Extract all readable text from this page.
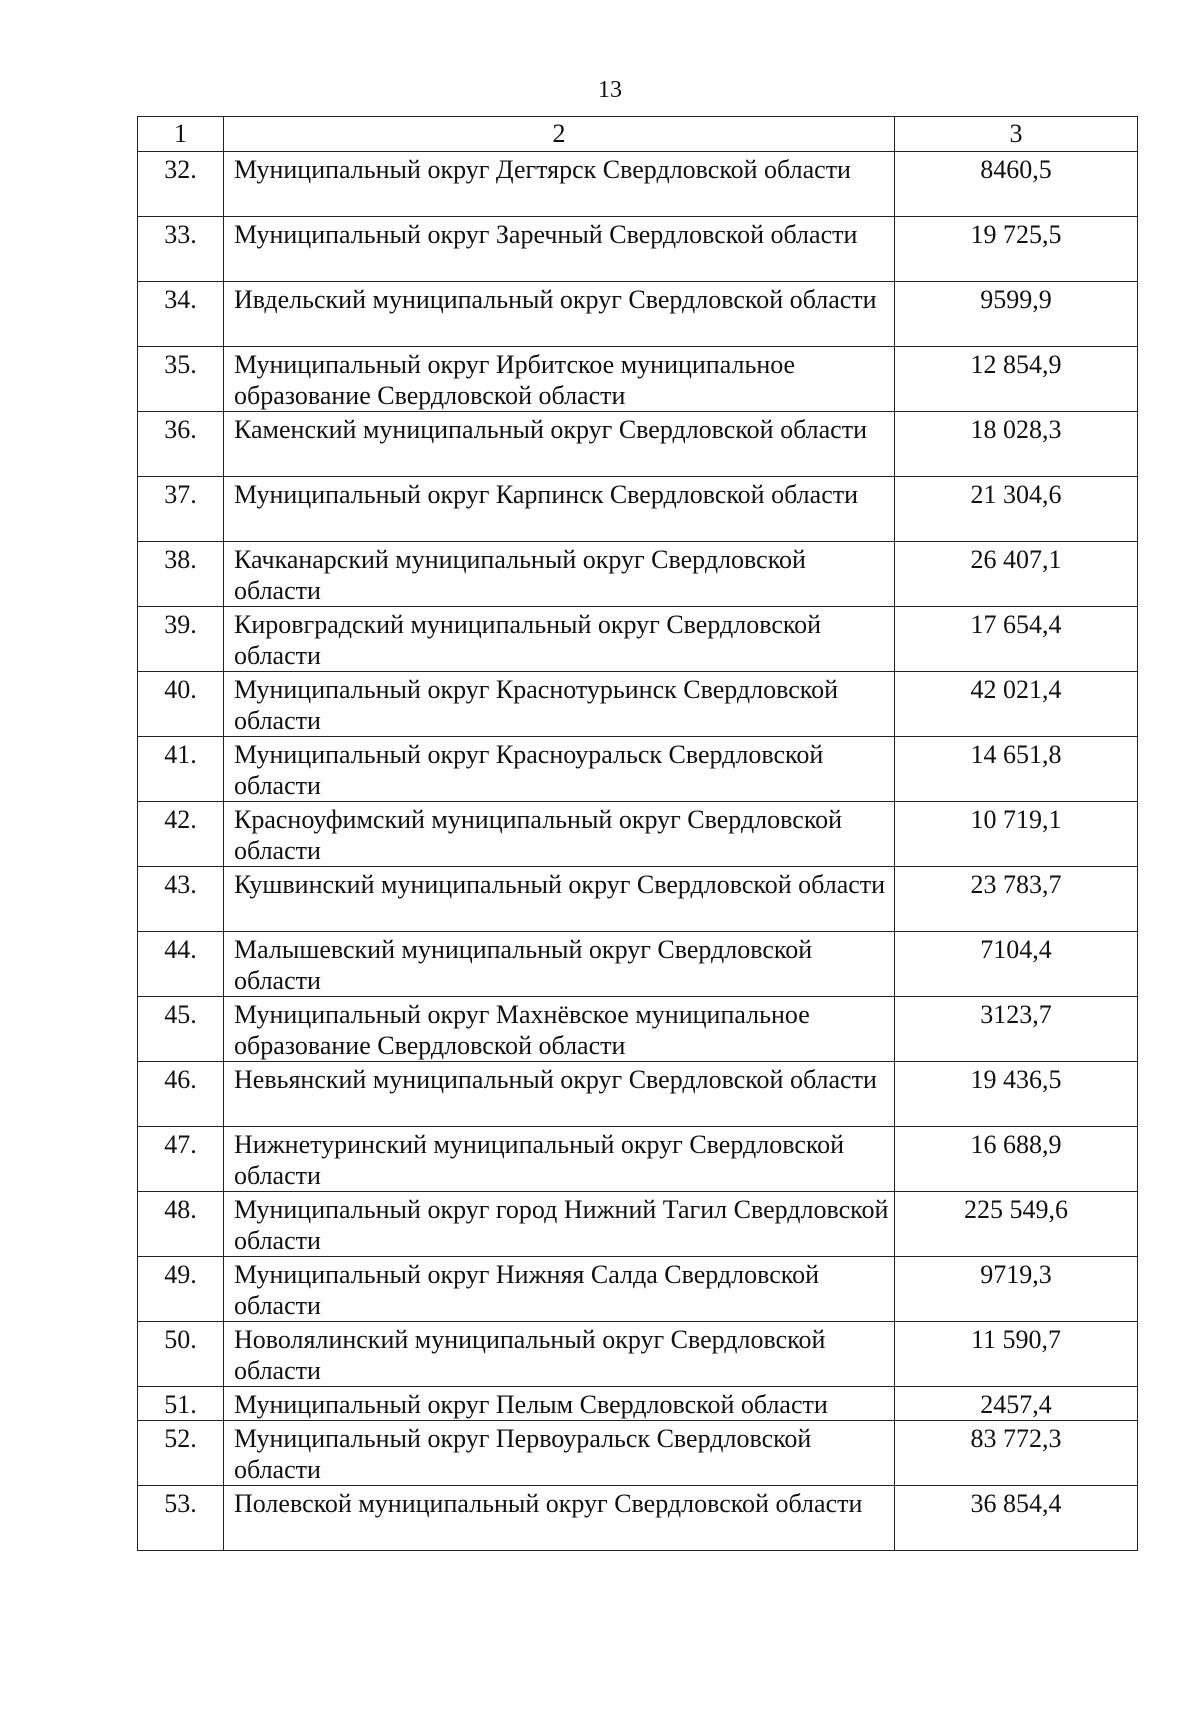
13
1	2	3
32.	Муниципальный округ Дегтярск Свердловской области	8460,5
33.	Муниципальный округ Заречный Свердловской области	19 725,5
34.	Ивдельский муниципальный округ Свердловской области	9599,9
35.	Муниципальный округ Ирбитское муниципальное образование Свердловской области	12 854,9
36.	Каменский муниципальный округ Свердловской области	18 028,3
37.	Муниципальный округ Карпинск Свердловской области	21 304,6
38.	Качканарский муниципальный округ Свердловской области	26 407,1
39.	Кировградский муниципальный округ Свердловской области	17 654,4
40.	Муниципальный округ Краснотурьинск Свердловской области	42 021,4
41.	Муниципальный округ Красноуральск Свердловской области	14 651,8
42.	Красноуфимский муниципальный округ Свердловской области	10 719,1
43.	Кушвинский муниципальный округ Свердловской области	23 783,7
44.	Малышевский муниципальный округ Свердловской области	7104,4
45.	Муниципальный округ Махнёвское муниципальное образование Свердловской области	3123,7
46.	Невьянский муниципальный округ Свердловской области	19 436,5
47.	Нижнетуринский муниципальный округ Свердловской области	16 688,9
48.	Муниципальный округ город Нижний Тагил Свердловской области	225 549,6
49.	Муниципальный округ Нижняя Салда Свердловской области	9719,3
50.	Новолялинский муниципальный округ Свердловской области	11 590,7
51.	Муниципальный округ Пелым Свердловской области	2457,4
52.	Муниципальный округ Первоуральск Свердловской области	83 772,3
53.	Полевской муниципальный округ Свердловской области	36 854,4
